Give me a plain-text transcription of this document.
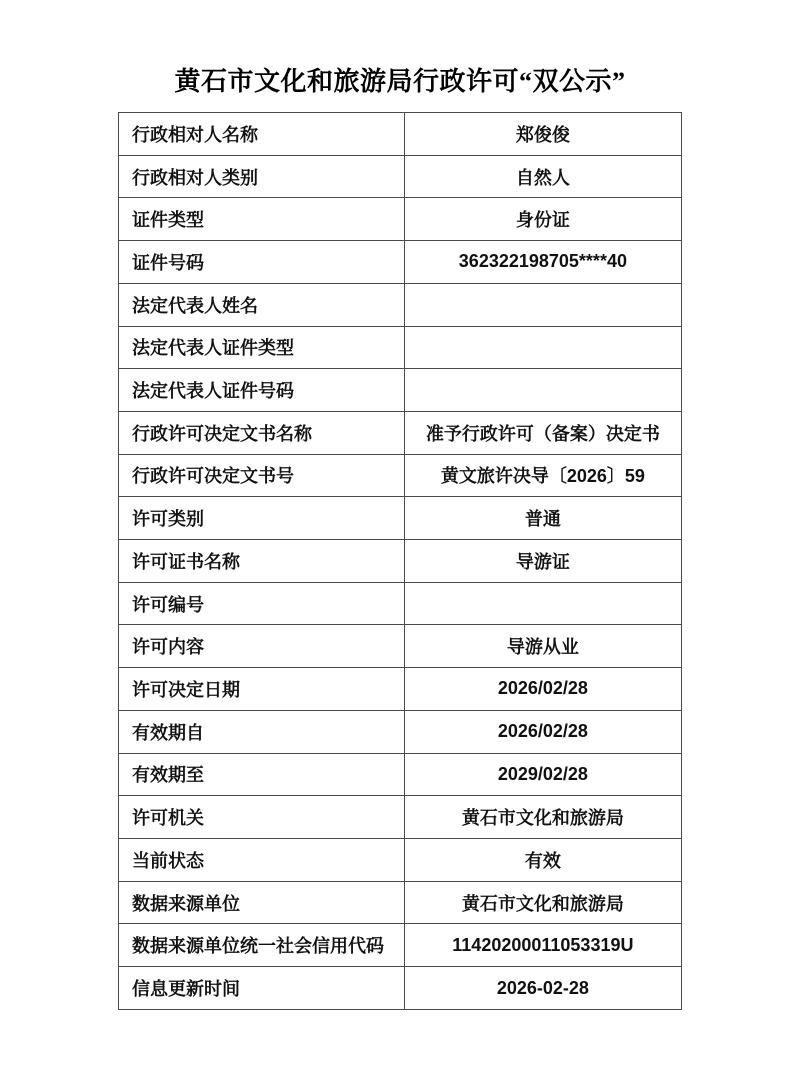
黄石市文化和旅游局行政许可“双公示”
行政相对人名称	郑俊俊
行政相对人类别	自然人
证件类型	身份证
证件号码	362322198705****40
法定代表人姓名	
法定代表人证件类型	
法定代表人证件号码	
行政许可决定文书名称	准予行政许可（备案）决定书
行政许可决定文书号	黄文旅许决导〔2026〕59
许可类别	普通
许可证书名称	导游证
许可编号	
许可内容	导游从业
许可决定日期	2026/02/28
有效期自	2026/02/28
有效期至	2029/02/28
许可机关	黄石市文化和旅游局
当前状态	有效
数据来源单位	黄石市文化和旅游局
数据来源单位统一社会信用代码	11420200011053319U
信息更新时间	2026-02-28
